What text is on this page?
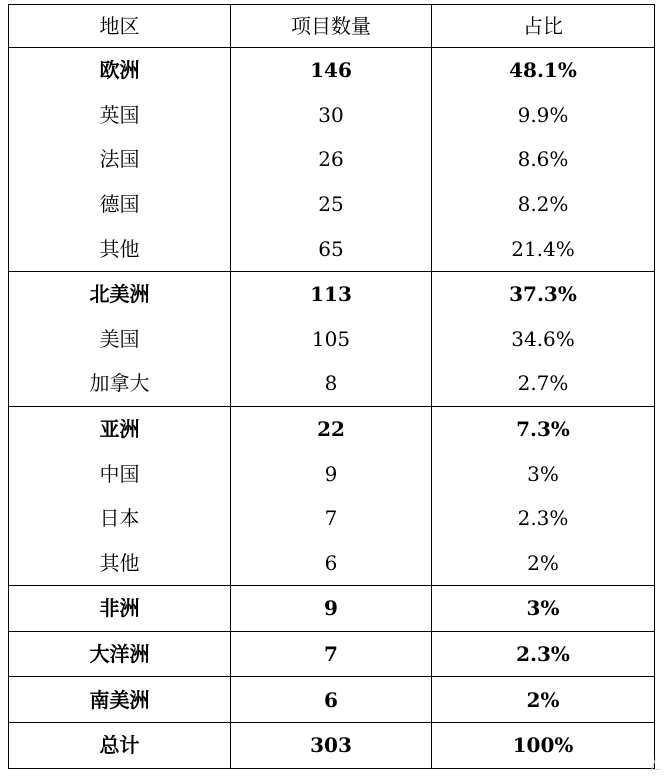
地区	项目数量	占比
欧洲	146	48.1%
英国	30	9.9%
法国	26	8.6%
德国	25	8.2%
其他	65	21.4%
北美洲	113	37.3%
美国	105	34.6%
加拿大	8	2.7%
亚洲	22	7.3%
中国	9	3%
日本	7	2.3%
其他	6	2%
非洲	9	3%
大洋洲	7	2.3%
南美洲	6	2%
总计	303	100%
